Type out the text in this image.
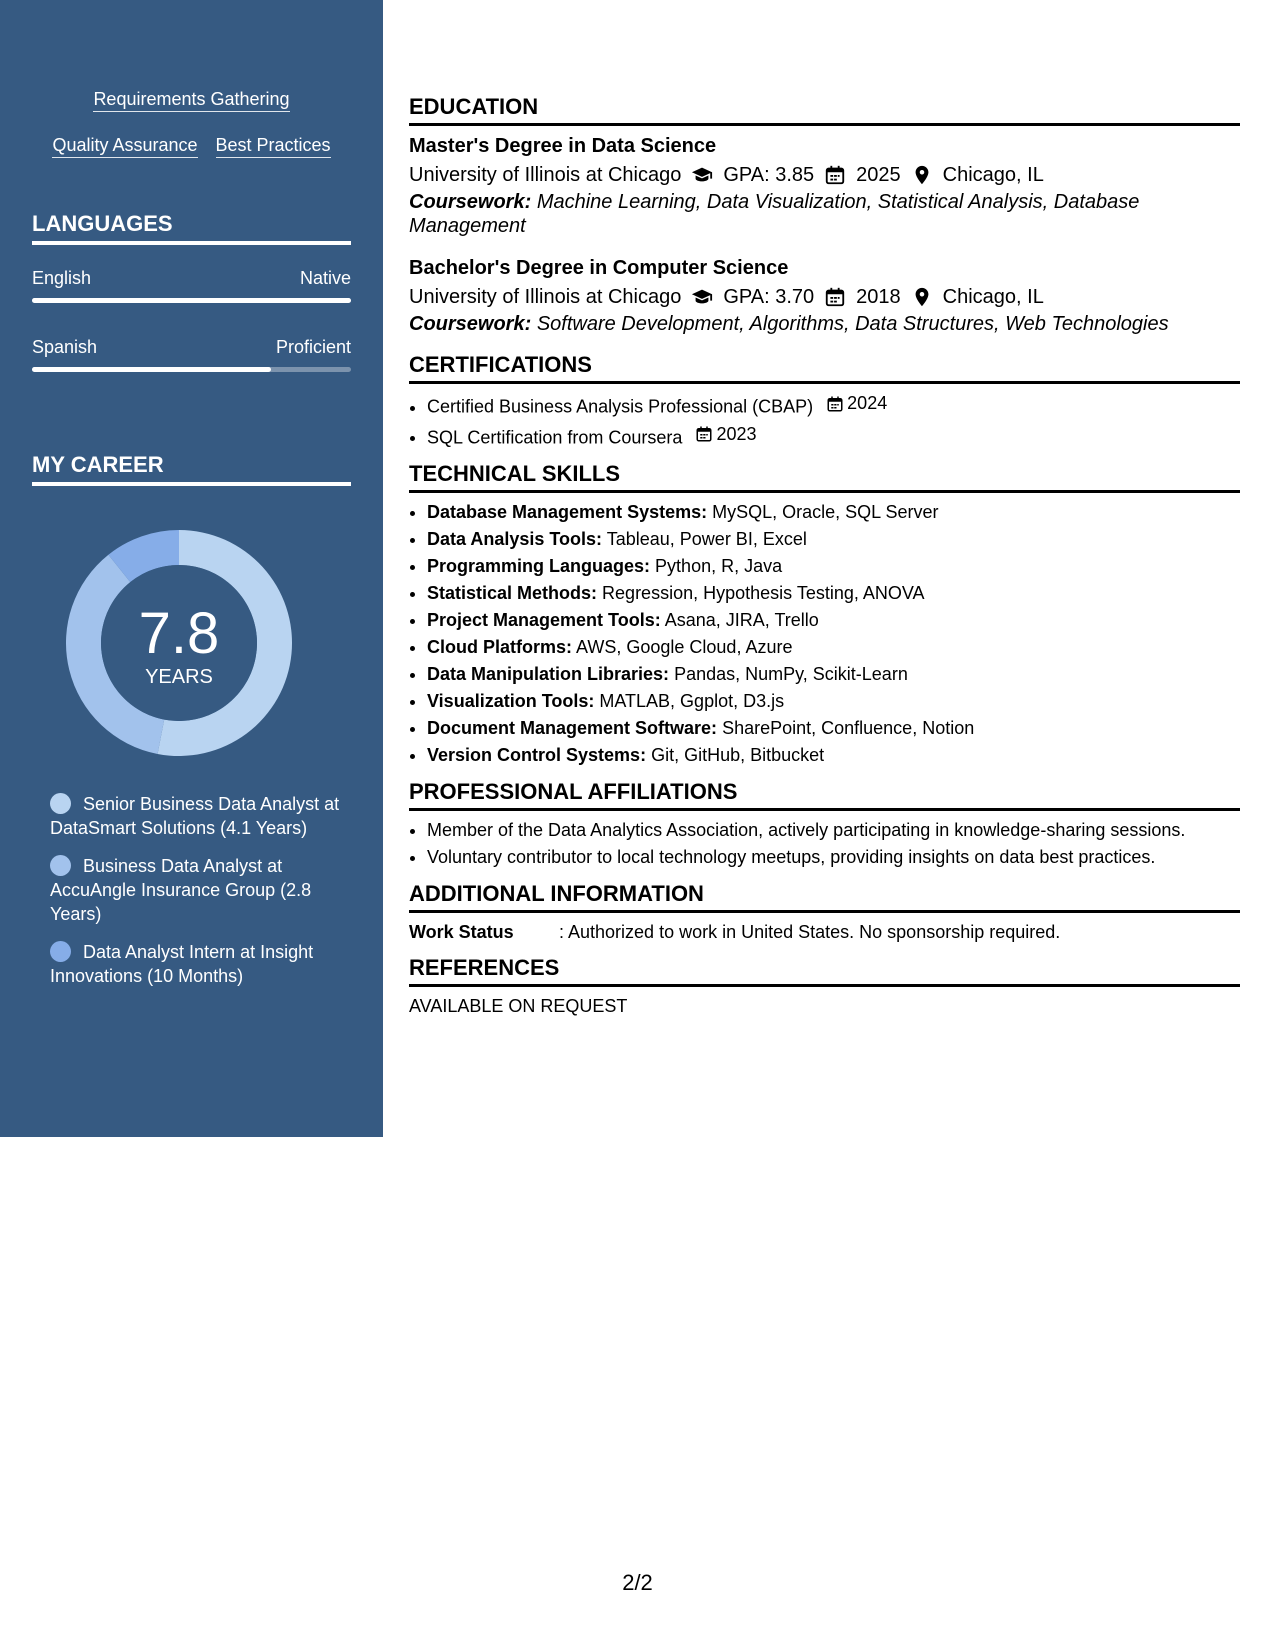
Requirements Gathering
Quality Assurance Best Practices
LANGUAGES
English	Native
Spanish	Proficient
MY CAREER
7.8
YEARS
Senior Business Data Analyst at DataSmart Solutions (4.1 Years)
Business Data Analyst at AccuAngle Insurance Group (2.8 Years)
Data Analyst Intern at Insight Innovations (10 Months)
EDUCATION
Master's Degree in Data Science
University of Illinois at Chicago GPA: 3.85 2025 Chicago, IL
Coursework: Machine Learning, Data Visualization, Statistical Analysis, Database Management
Bachelor's Degree in Computer Science
University of Illinois at Chicago GPA: 3.70 2018 Chicago, IL
Coursework: Software Development, Algorithms, Data Structures, Web Technologies
CERTIFICATIONS
• Certified Business Analysis Professional (CBAP) 2024
• SQL Certification from Coursera 2023
TECHNICAL SKILLS
• Database Management Systems: MySQL, Oracle, SQL Server
• Data Analysis Tools: Tableau, Power BI, Excel
• Programming Languages: Python, R, Java
• Statistical Methods: Regression, Hypothesis Testing, ANOVA
• Project Management Tools: Asana, JIRA, Trello
• Cloud Platforms: AWS, Google Cloud, Azure
• Data Manipulation Libraries: Pandas, NumPy, Scikit-Learn
• Visualization Tools: MATLAB, Ggplot, D3.js
• Document Management Software: SharePoint, Confluence, Notion
• Version Control Systems: Git, GitHub, Bitbucket
PROFESSIONAL AFFILIATIONS
• Member of the Data Analytics Association, actively participating in knowledge-sharing sessions.
• Voluntary contributor to local technology meetups, providing insights on data best practices.
ADDITIONAL INFORMATION
Work Status	: Authorized to work in United States. No sponsorship required.
REFERENCES
AVAILABLE ON REQUEST
2/2
